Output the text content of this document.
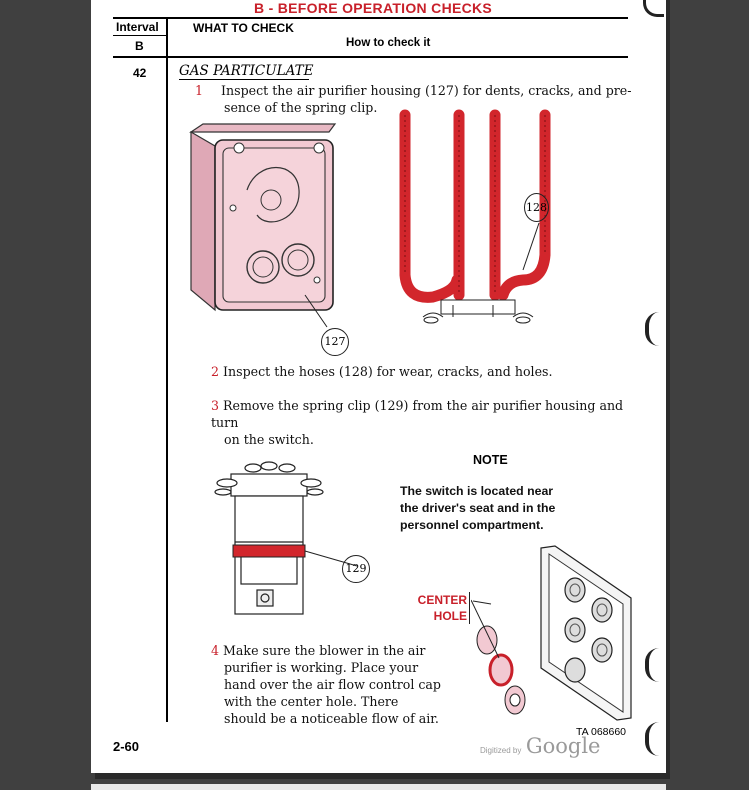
B - BEFORE OPERATION CHECKS
Interval	WHAT TO CHECK
B	How to check it
42 GAS PARTICULATE
1 Inspect the air purifier housing (127) for dents, cracks, and pre-
sence of the spring clip.
127
128
2 Inspect the hoses (128) for wear, cracks, and holes.
3 Remove the spring clip (129) from the air purifier housing and turn
on the switch.
129
NOTE
The switch is located near
the driver's seat and in the
personnel compartment.
CENTER
HOLE
4 Make sure the blower in the air
purifier is working. Place your
hand over the air flow control cap
with the center hole. There
should be a noticeable flow of air.
TA 068660
2-60	Digitized by Google
